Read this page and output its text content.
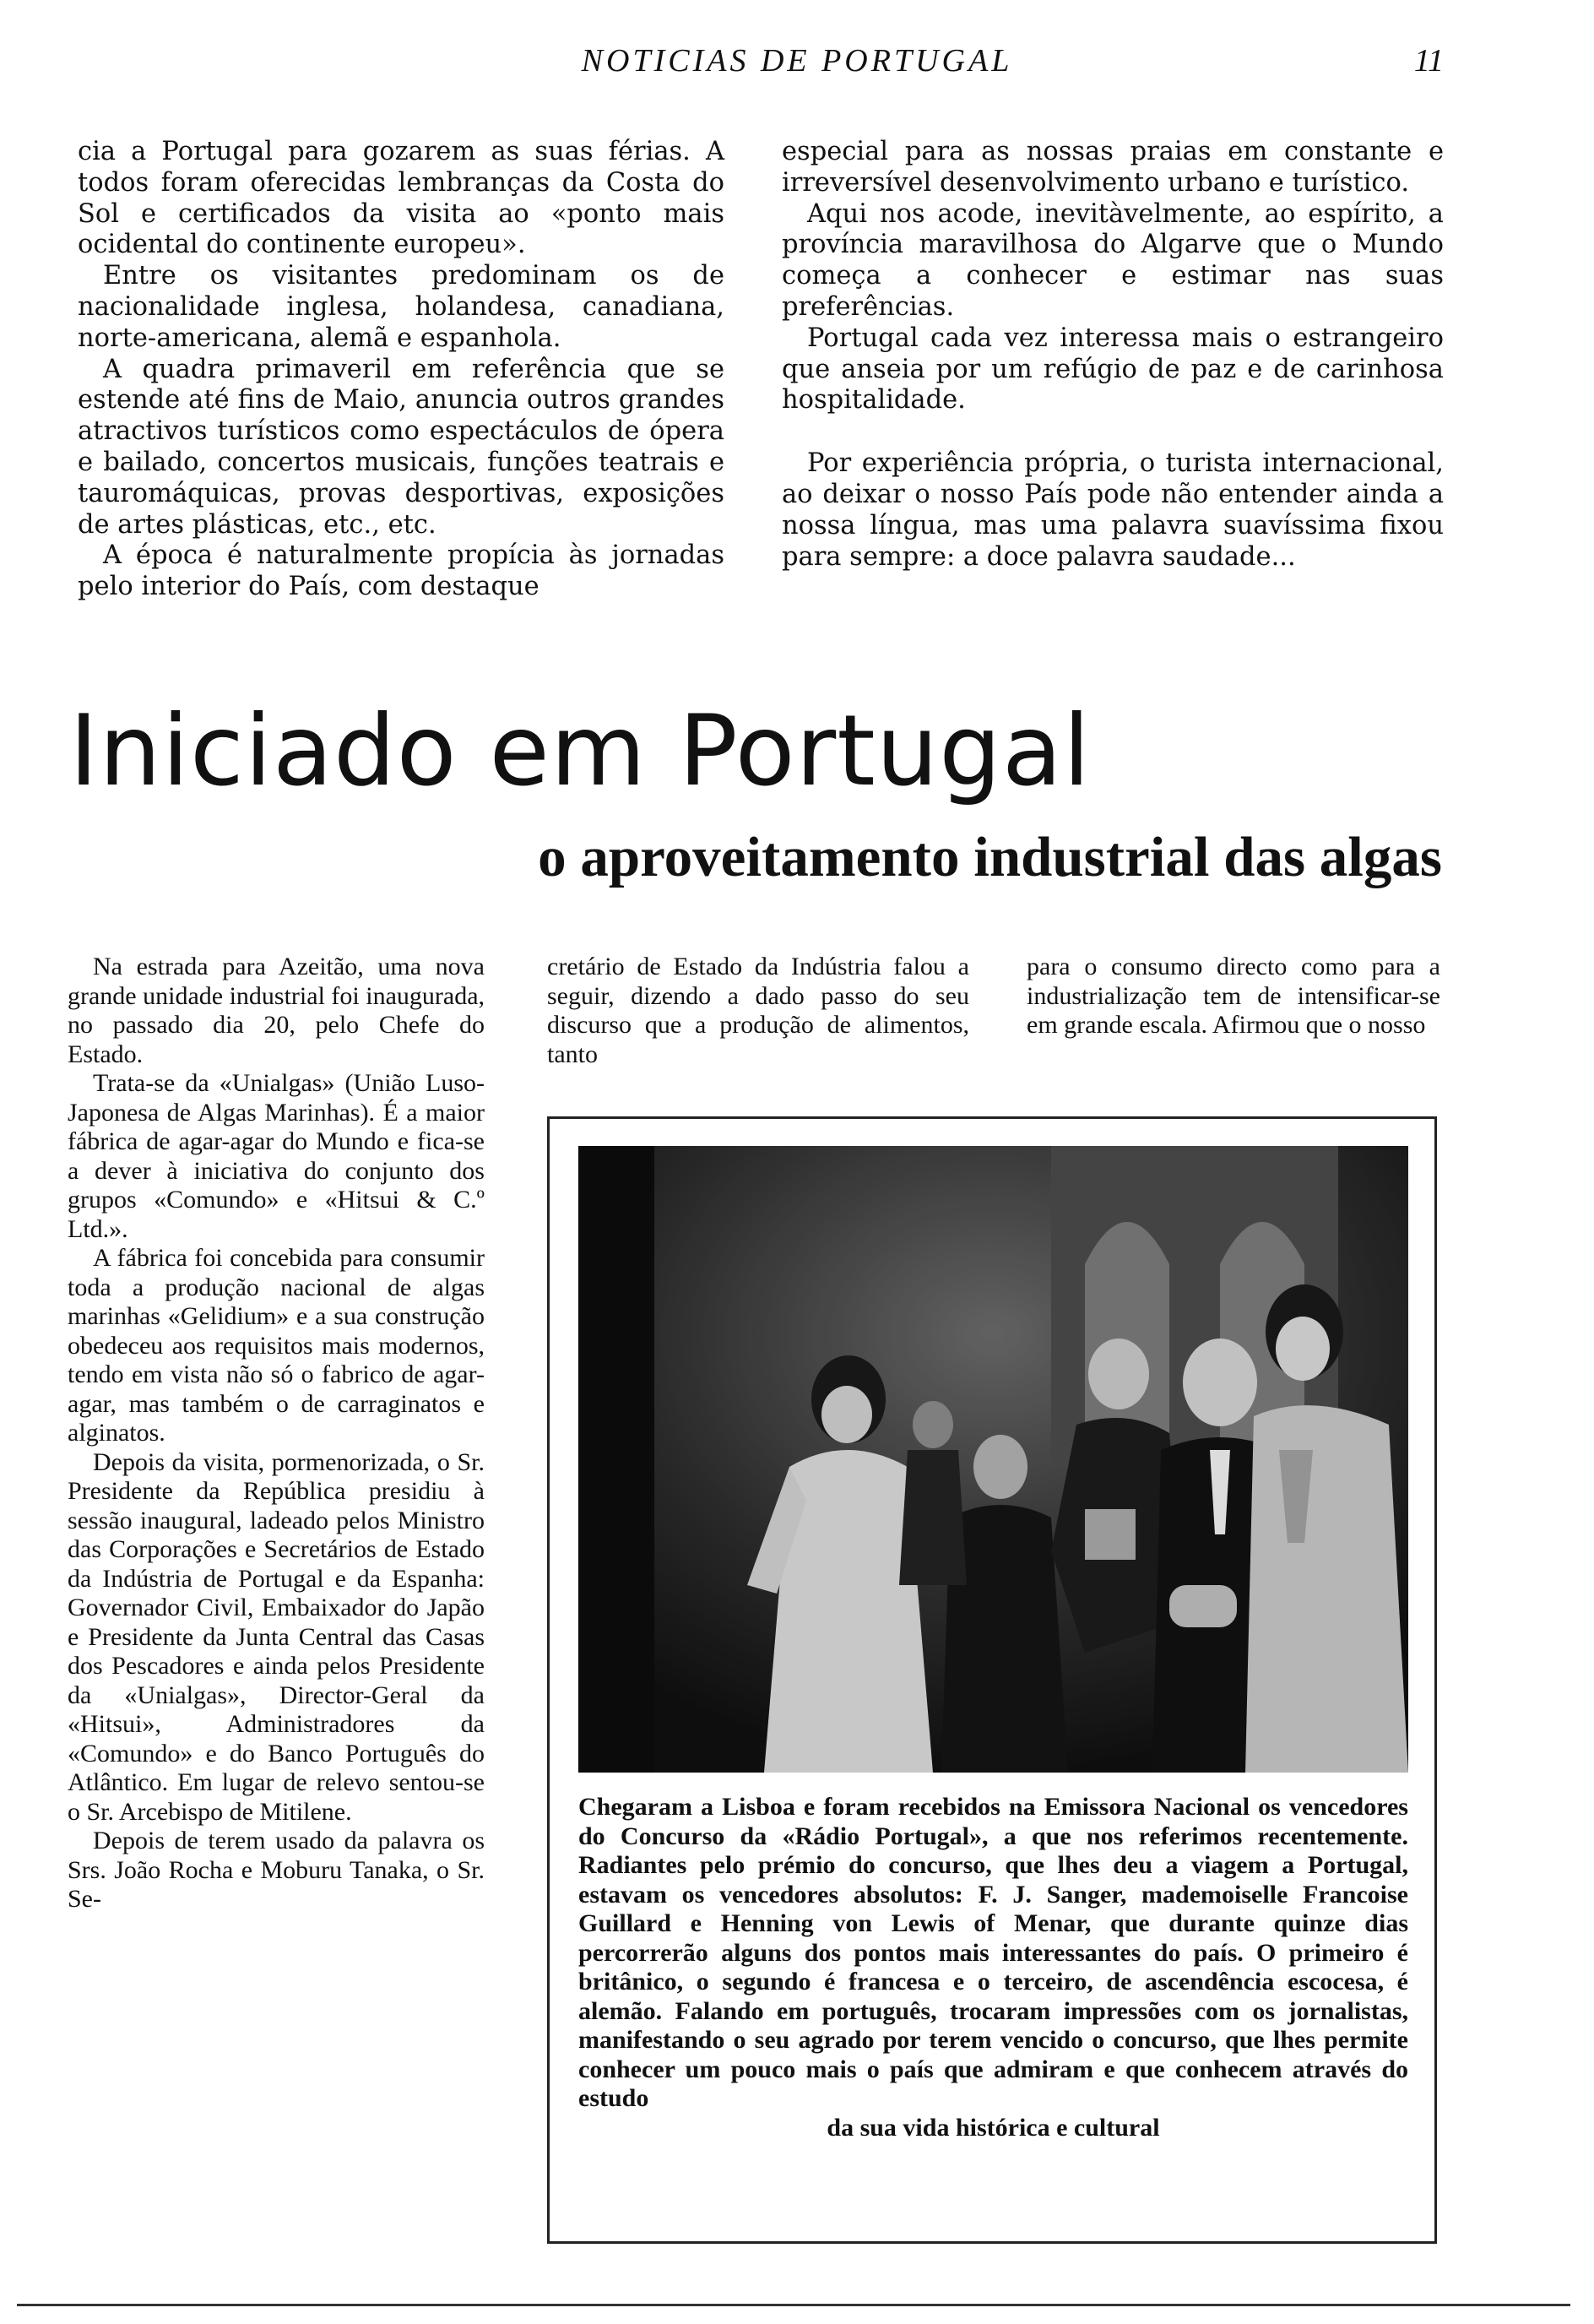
NOTICIAS DE PORTUGAL	11

cia a Portugal para gozarem as suas férias. A todos foram oferecidas lembranças da Costa do Sol e certificados da visita ao «ponto mais ocidental do continente europeu».

Entre os visitantes predominam os de nacionalidade inglesa, holandesa, canadiana, norte-americana, alemã e espanhola.

A quadra primaveril em referência que se estende até fins de Maio, anuncia outros grandes atractivos turísticos como espectáculos de ópera e bailado, concertos musicais, funções teatrais e tauromáquicas, provas desportivas, exposições de artes plásticas, etc., etc.

A época é naturalmente propícia às jornadas pelo interior do País, com destaque

especial para as nossas praias em constante e irreversível desenvolvimento urbano e turístico.

Aqui nos acode, inevitàvelmente, ao espírito, a província maravilhosa do Algarve que o Mundo começa a conhecer e estimar nas suas preferências.

Portugal cada vez interessa mais o estrangeiro que anseia por um refúgio de paz e de carinhosa hospitalidade.

Por experiência própria, o turista internacional, ao deixar o nosso País pode não entender ainda a nossa língua, mas uma palavra suavíssima fixou para sempre: a doce palavra saudade...

Iniciado em Portugal
o aproveitamento industrial das algas

Na estrada para Azeitão, uma nova grande unidade industrial foi inaugurada, no passado dia 20, pelo Chefe do Estado.

Trata-se da «Unialgas» (União Luso-Japonesa de Algas Marinhas). É a maior fábrica de agar-agar do Mundo e fica-se a dever à iniciativa do conjunto dos grupos «Comundo» e «Hitsui & C.º Ltd.».

A fábrica foi concebida para consumir toda a produção nacional de algas marinhas «Gelidium» e a sua construção obedeceu aos requisitos mais modernos, tendo em vista não só o fabrico de agar-agar, mas também o de carraginatos e alginatos.

Depois da visita, pormenorizada, o Sr. Presidente da República presidiu à sessão inaugural, ladeado pelos Ministro das Corporações e Secretários de Estado da Indústria de Portugal e da Espanha: Governador Civil, Embaixador do Japão e Presidente da Junta Central das Casas dos Pescadores e ainda pelos Presidente da «Unialgas», Director-Geral da «Hitsui», Administradores da «Comundo» e do Banco Português do Atlântico. Em lugar de relevo sentou-se o Sr. Arcebispo de Mitilene.

Depois de terem usado da palavra os Srs. João Rocha e Moburu Tanaka, o Sr. Se-

cretário de Estado da Indústria falou a seguir, dizendo a dado passo do seu discurso que a produção de alimentos, tanto

para o consumo directo como para a industrialização tem de intensificar-se em grande escala. Afirmou que o nosso

Chegaram a Lisboa e foram recebidos na Emissora Nacional os vencedores do Concurso da «Rádio Portugal», a que nos referimos recentemente. Radiantes pelo prémio do concurso, que lhes deu a viagem a Portugal, estavam os vencedores absolutos: F. J. Sanger, mademoiselle Francoise Guillard e Henning von Lewis of Menar, que durante quinze dias percorrerão alguns dos pontos mais interessantes do país. O primeiro é britânico, o segundo é francesa e o terceiro, de ascendência escocesa, é alemão. Falando em português, trocaram impressões com os jornalistas, manifestando o seu agrado por terem vencido o concurso, que lhes permite conhecer um pouco mais o país que admiram e que conhecem através do estudo
da sua vida histórica e cultural
